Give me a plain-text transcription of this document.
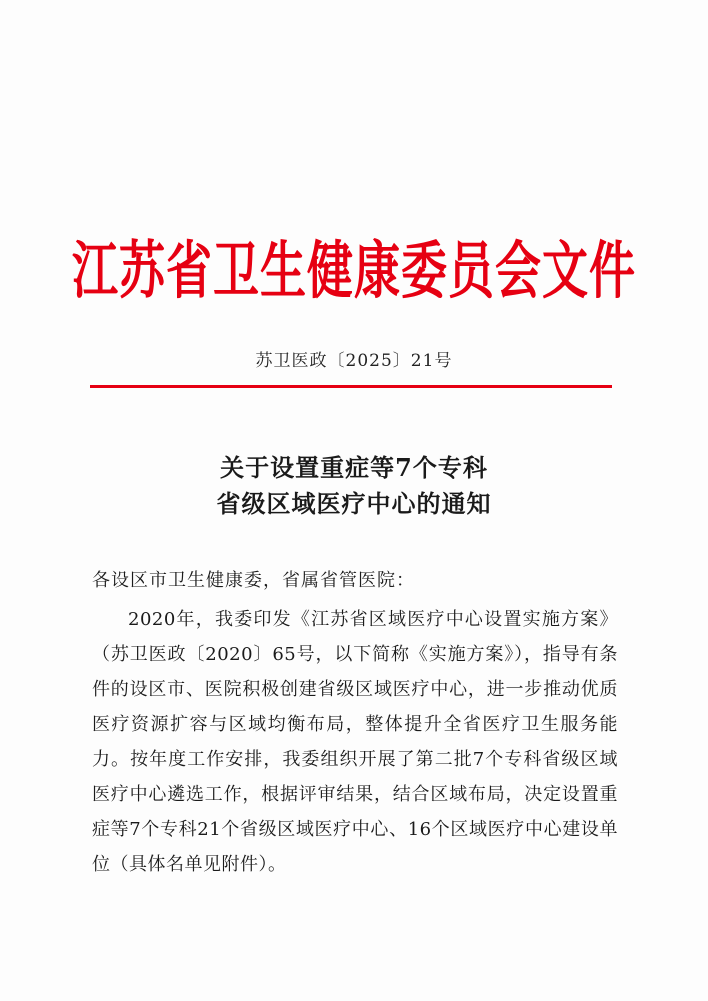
江苏省卫生健康委员会文件
苏卫医政〔2025〕21号
关于设置重症等7个专科
省级区域医疗中心的通知
各设区市卫生健康委，省属省管医院：

2020年，我委印发《江苏省区域医疗中心设置实施方案》（苏卫医政〔2020〕65号，以下简称《实施方案》），指导有条件的设区市、医院积极创建省级区域医疗中心，进一步推动优质医疗资源扩容与区域均衡布局，整体提升全省医疗卫生服务能力。按年度工作安排，我委组织开展了第二批7个专科省级区域医疗中心遴选工作，根据评审结果，结合区域布局，决定设置重症等7个专科21个省级区域医疗中心、16个区域医疗中心建设单位（具体名单见附件）。
